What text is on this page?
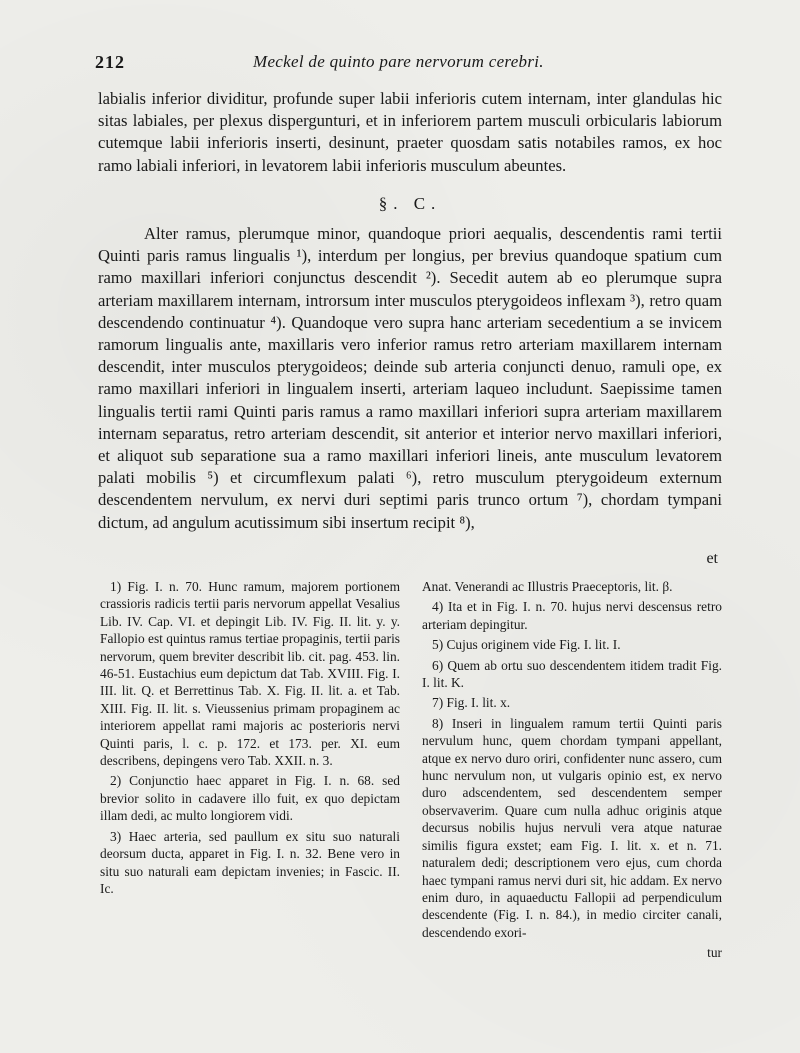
212	Meckel de quinto pare nervorum cerebri.

labialis inferior dividitur, profunde super labii inferioris cutem internam, inter glandulas hic sitas labiales, per plexus dispergunturi, et in inferiorem partem musculi orbicularis labiorum cutemque labii inferioris inserti, desinunt, praeter quosdam satis notabiles ramos, ex hoc ramo labiali inferiori, in levatorem labii inferioris musculum abeuntes.

§. C.

Alter ramus, plerumque minor, quandoque priori aequalis, descendentis rami tertii Quinti paris ramus lingualis ¹), interdum per longius, per brevius quandoque spatium cum ramo maxillari inferiori conjunctus descendit ²). Secedit autem ab eo plerumque supra arteriam maxillarem internam, introrsum inter musculos pterygoideos inflexam ³), retro quam descendendo continuatur ⁴). Quandoque vero supra hanc arteriam secedentium a se invicem ramorum lingualis ante, maxillaris vero inferior ramus retro arteriam maxillarem internam descendit, inter musculos pterygoideos; deinde sub arteria conjuncti denuo, ramuli ope, ex ramo maxillari inferiori in lingualem inserti, arteriam laqueo includunt. Saepissime tamen lingualis tertii rami Quinti paris ramus a ramo maxillari inferiori supra arteriam maxillarem internam separatus, retro arteriam descendit, sit anterior et interior nervo maxillari inferiori, et aliquot sub separatione sua a ramo maxillari inferiori lineis, ante musculum levatorem palati mobilis ⁵) et circumflexum palati ⁶), retro musculum pterygoideum externum descendentem nervulum, ex nervi duri septimi paris trunco ortum ⁷), chordam tympani dictum, ad angulum acutissimum sibi insertum recipit ⁸),

et

1) Fig. I. n. 70. Hunc ramum, majorem portionem crassioris radicis tertii paris nervorum appellat Vesalius Lib. IV. Cap. VI. et depingit Lib. IV. Fig. II. lit. y. y. Fallopio est quintus ramus tertiae propaginis, tertii paris nervorum, quem breviter describit lib. cit. pag. 453. lin. 46-51. Eustachius eum depictum dat Tab. XVIII. Fig. I. III. lit. Q. et Berrettinus Tab. X. Fig. II. lit. a. et Tab. XIII. Fig. II. lit. s. Vieussenius primam propaginem ac interiorem appellat rami majoris ac posterioris nervi Quinti paris, l. c. p. 172. et 173. per. XI. eum describens, depingens vero Tab. XXII. n. 3.

2) Conjunctio haec apparet in Fig. I. n. 68. sed brevior solito in cadavere illo fuit, ex quo depictam illam dedi, ac multo longiorem vidi.

3) Haec arteria, sed paullum ex situ suo naturali deorsum ducta, apparet in Fig. I. n. 32. Bene vero in situ suo naturali eam depictam invenies; in Fascic. II. Ic.

Anat. Venerandi ac Illustris Praeceptoris, lit. β.

4) Ita et in Fig. I. n. 70. hujus nervi descensus retro arteriam depingitur.

5) Cujus originem vide Fig. I. lit. I.

6) Quem ab ortu suo descendentem itidem tradit Fig. I. lit. K.

7) Fig. I. lit. x.

8) Inseri in lingualem ramum tertii Quinti paris nervulum hunc, quem chordam tympani appellant, atque ex nervo duro oriri, confidenter nunc assero, cum hunc nervulum non, ut vulgaris opinio est, ex nervo duro adscendentem, sed descendentem semper observaverim. Quare cum nulla adhuc originis atque decursus nobilis hujus nervuli vera atque naturae similis figura exstet; eam Fig. I. lit. x. et n. 71. naturalem dedi; descriptionem vero ejus, cum chorda haec tympani ramus nervi duri sit, hic addam. Ex nervo enim duro, in aquaeductu Fallopii ad perpendiculum descendente (Fig. I. n. 84.), in medio circiter canali, descendendo exori-

tur
